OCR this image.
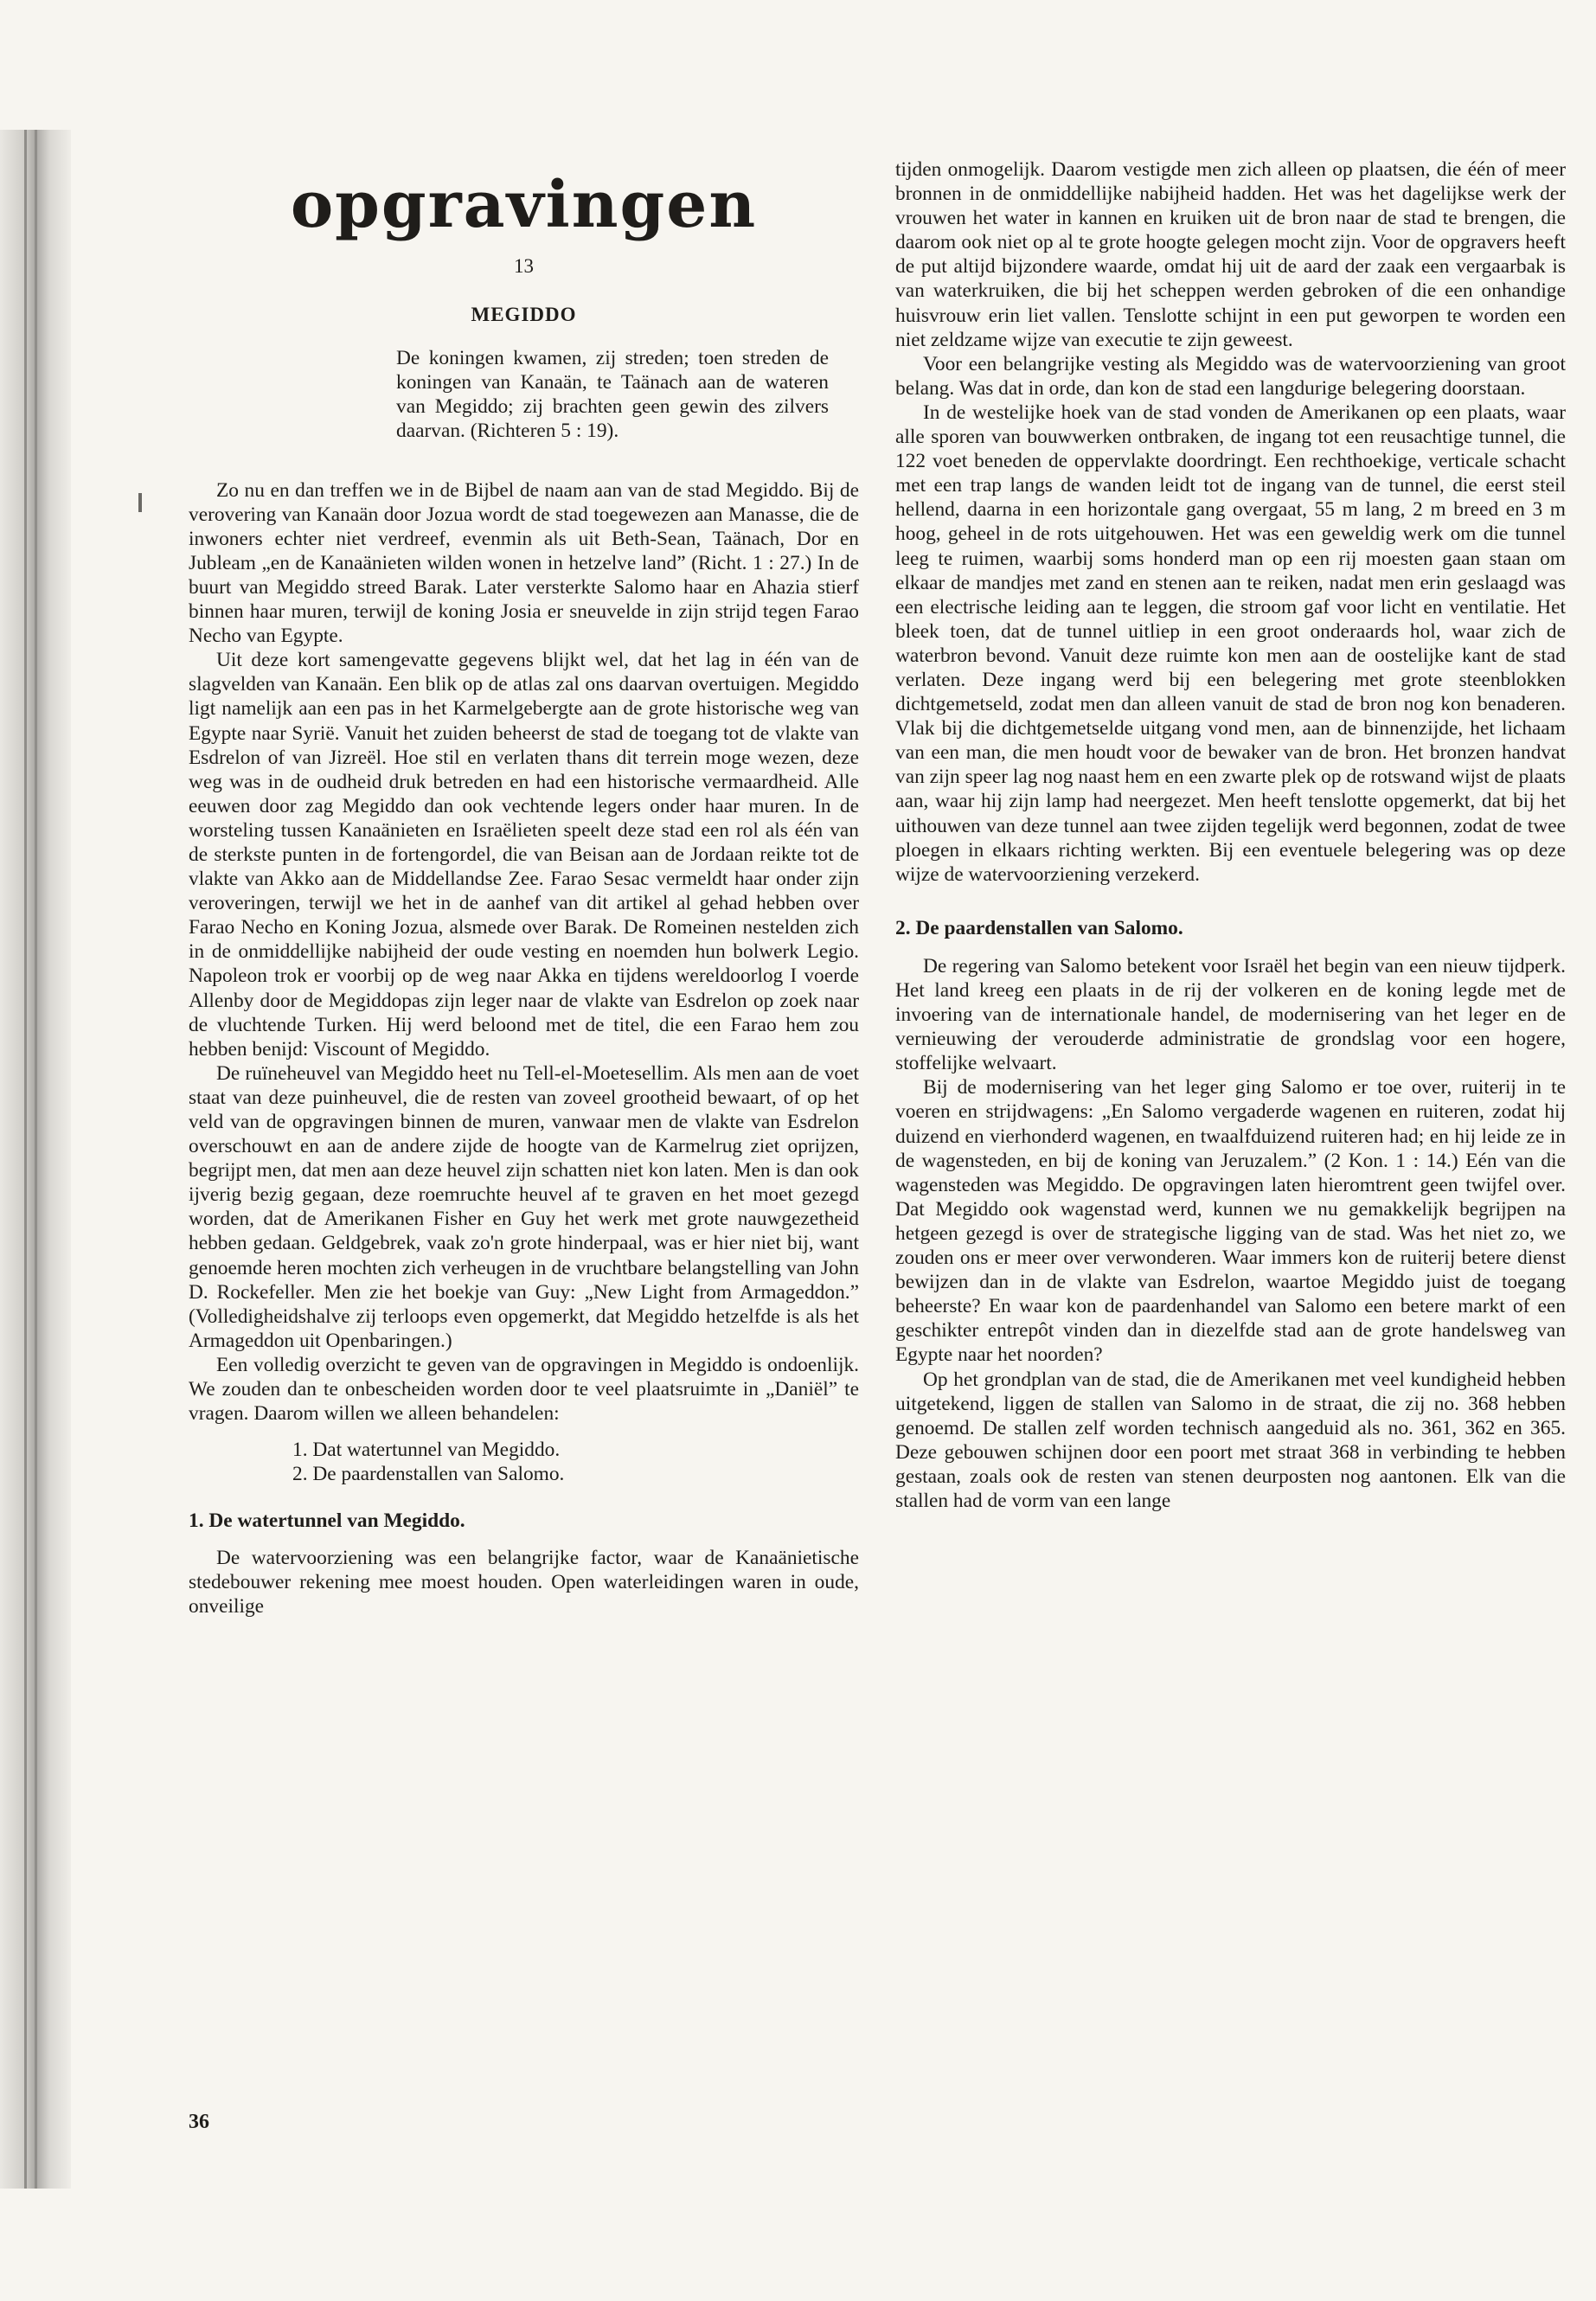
opgravingen
13
MEGIDDO
De koningen kwamen, zij streden; toen streden de koningen van Kanaän, te Taänach aan de wateren van Megiddo; zij brachten geen gewin des zilvers daarvan. (Richteren 5 : 19).

Zo nu en dan treffen we in de Bijbel de naam aan van de stad Megiddo. Bij de verovering van Kanaän door Jozua wordt de stad toegewezen aan Manasse, die de inwoners echter niet verdreef, evenmin als uit Beth-Sean, Taänach, Dor en Jubleam „en de Kanaänieten wilden wonen in hetzelve land” (Richt. 1 : 27.) In de buurt van Megiddo streed Barak. Later versterkte Salomo haar en Ahazia stierf binnen haar muren, terwijl de koning Josia er sneuvelde in zijn strijd tegen Farao Necho van Egypte.

Uit deze kort samengevatte gegevens blijkt wel, dat het lag in één van de slagvelden van Kanaän. Een blik op de atlas zal ons daarvan overtuigen. Megiddo ligt namelijk aan een pas in het Karmelgebergte aan de grote historische weg van Egypte naar Syrië. Vanuit het zuiden beheerst de stad de toegang tot de vlakte van Esdrelon of van Jizreël. Hoe stil en verlaten thans dit terrein moge wezen, deze weg was in de oudheid druk betreden en had een historische vermaardheid. Alle eeuwen door zag Megiddo dan ook vechtende legers onder haar muren. In de worsteling tussen Kanaänieten en Israëlieten speelt deze stad een rol als één van de sterkste punten in de fortengordel, die van Beisan aan de Jordaan reikte tot de vlakte van Akko aan de Middellandse Zee. Farao Sesac vermeldt haar onder zijn veroveringen, terwijl we het in de aanhef van dit artikel al gehad hebben over Farao Necho en Koning Jozua, alsmede over Barak. De Romeinen nestelden zich in de onmiddellijke nabijheid der oude vesting en noemden hun bolwerk Legio. Napoleon trok er voorbij op de weg naar Akka en tijdens wereldoorlog I voerde Allenby door de Megiddopas zijn leger naar de vlakte van Esdrelon op zoek naar de vluchtende Turken. Hij werd beloond met de titel, die een Farao hem zou hebben benijd: Viscount of Megiddo.

De ruïneheuvel van Megiddo heet nu Tell-el-Moetesellim. Als men aan de voet staat van deze puinheuvel, die de resten van zoveel grootheid bewaart, of op het veld van de opgravingen binnen de muren, vanwaar men de vlakte van Esdrelon overschouwt en aan de andere zijde de hoogte van de Karmelrug ziet oprijzen, begrijpt men, dat men aan deze heuvel zijn schatten niet kon laten. Men is dan ook ijverig bezig gegaan, deze roemruchte heuvel af te graven en het moet gezegd worden, dat de Amerikanen Fisher en Guy het werk met grote nauwgezetheid hebben gedaan. Geldgebrek, vaak zo'n grote hinderpaal, was er hier niet bij, want genoemde heren mochten zich verheugen in de vruchtbare belangstelling van John D. Rockefeller. Men zie het boekje van Guy: „New Light from Armageddon.” (Volledigheidshalve zij terloops even opgemerkt, dat Megiddo hetzelfde is als het Armageddon uit Openbaringen.)

Een volledig overzicht te geven van de opgravingen in Megiddo is ondoenlijk. We zouden dan te onbescheiden worden door te veel plaatsruimte in „Daniël” te vragen. Daarom willen we alleen behandelen:

1. Dat watertunnel van Megiddo.
2. De paardenstallen van Salomo.
1. De watertunnel van Megiddo.

De watervoorziening was een belangrijke factor, waar de Kanaänietische stedebouwer rekening mee moest houden. Open waterleidingen waren in oude, onveilige

tijden onmogelijk. Daarom vestigde men zich alleen op plaatsen, die één of meer bronnen in de onmiddellijke nabijheid hadden. Het was het dagelijkse werk der vrouwen het water in kannen en kruiken uit de bron naar de stad te brengen, die daarom ook niet op al te grote hoogte gelegen mocht zijn. Voor de opgravers heeft de put altijd bijzondere waarde, omdat hij uit de aard der zaak een vergaarbak is van waterkruiken, die bij het scheppen werden gebroken of die een onhandige huisvrouw erin liet vallen. Tenslotte schijnt in een put geworpen te worden een niet zeldzame wijze van executie te zijn geweest.

Voor een belangrijke vesting als Megiddo was de watervoorziening van groot belang. Was dat in orde, dan kon de stad een langdurige belegering doorstaan.

In de westelijke hoek van de stad vonden de Amerikanen op een plaats, waar alle sporen van bouwwerken ontbraken, de ingang tot een reusachtige tunnel, die 122 voet beneden de oppervlakte doordringt. Een rechthoekige, verticale schacht met een trap langs de wanden leidt tot de ingang van de tunnel, die eerst steil hellend, daarna in een horizontale gang overgaat, 55 m lang, 2 m breed en 3 m hoog, geheel in de rots uitgehouwen. Het was een geweldig werk om die tunnel leeg te ruimen, waarbij soms honderd man op een rij moesten gaan staan om elkaar de mandjes met zand en stenen aan te reiken, nadat men erin geslaagd was een electrische leiding aan te leggen, die stroom gaf voor licht en ventilatie. Het bleek toen, dat de tunnel uitliep in een groot onderaards hol, waar zich de waterbron bevond. Vanuit deze ruimte kon men aan de oostelijke kant de stad verlaten. Deze ingang werd bij een belegering met grote steenblokken dichtgemetseld, zodat men dan alleen vanuit de stad de bron nog kon benaderen. Vlak bij die dichtgemetselde uitgang vond men, aan de binnenzijde, het lichaam van een man, die men houdt voor de bewaker van de bron. Het bronzen handvat van zijn speer lag nog naast hem en een zwarte plek op de rotswand wijst de plaats aan, waar hij zijn lamp had neergezet. Men heeft tenslotte opgemerkt, dat bij het uithouwen van deze tunnel aan twee zijden tegelijk werd begonnen, zodat de twee ploegen in elkaars richting werkten. Bij een eventuele belegering was op deze wijze de watervoorziening verzekerd.

2. De paardenstallen van Salomo.

De regering van Salomo betekent voor Israël het begin van een nieuw tijdperk. Het land kreeg een plaats in de rij der volkeren en de koning legde met de invoering van de internationale handel, de modernisering van het leger en de vernieuwing der verouderde administratie de grondslag voor een hogere, stoffelijke welvaart.

Bij de modernisering van het leger ging Salomo er toe over, ruiterij in te voeren en strijdwagens: „En Salomo vergaderde wagenen en ruiteren, zodat hij duizend en vierhonderd wagenen, en twaalfduizend ruiteren had; en hij leide ze in de wagensteden, en bij de koning van Jeruzalem.” (2 Kon. 1 : 14.) Eén van die wagensteden was Megiddo. De opgravingen laten hieromtrent geen twijfel over. Dat Megiddo ook wagenstad werd, kunnen we nu gemakkelijk begrijpen na hetgeen gezegd is over de strategische ligging van de stad. Was het niet zo, we zouden ons er meer over verwonderen. Waar immers kon de ruiterij betere dienst bewijzen dan in de vlakte van Esdrelon, waartoe Megiddo juist de toegang beheerste? En waar kon de paardenhandel van Salomo een betere markt of een geschikter entrepôt vinden dan in diezelfde stad aan de grote handelsweg van Egypte naar het noorden?

Op het grondplan van de stad, die de Amerikanen met veel kundigheid hebben uitgetekend, liggen de stallen van Salomo in de straat, die zij no. 368 hebben genoemd. De stallen zelf worden technisch aangeduid als no. 361, 362 en 365. Deze gebouwen schijnen door een poort met straat 368 in verbinding te hebben gestaan, zoals ook de resten van stenen deurposten nog aantonen. Elk van die stallen had de vorm van een lange

36
